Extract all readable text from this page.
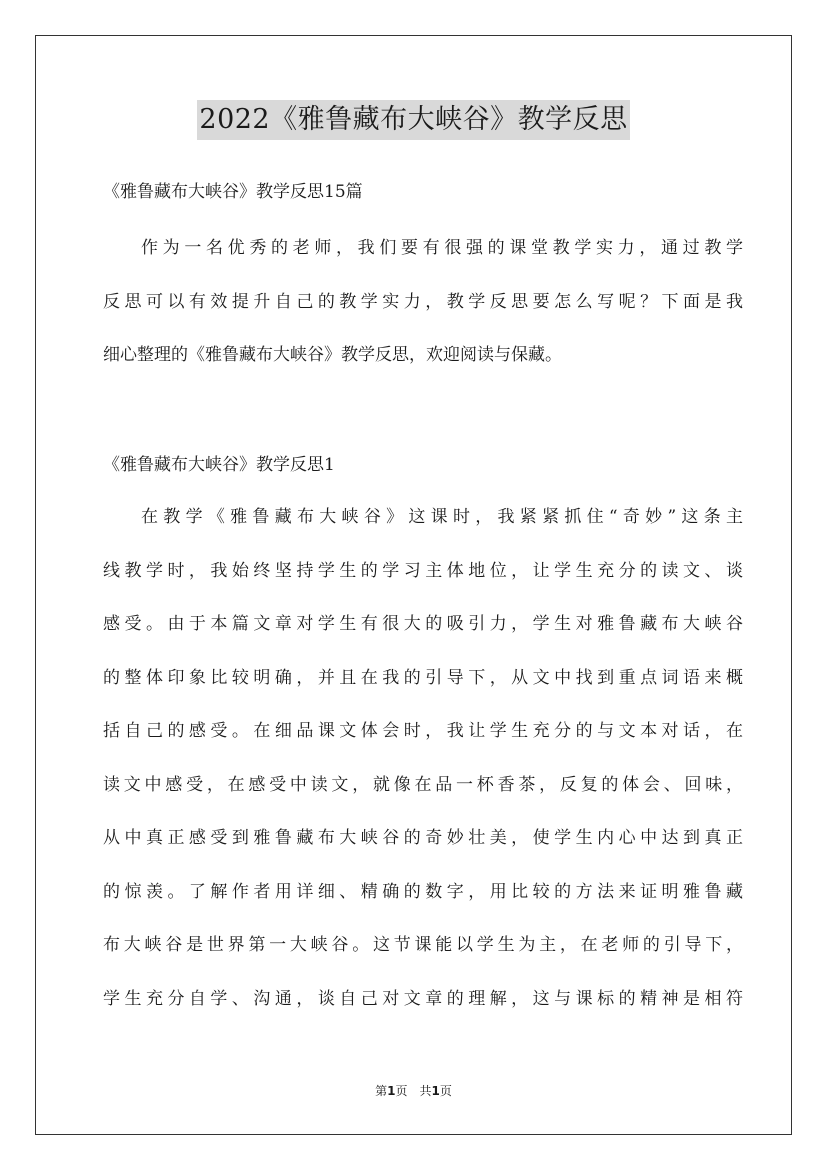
2022《雅鲁藏布大峡谷》教学反思
《雅鲁藏布大峡谷》教学反思15篇
作为一名优秀的老师，我们要有很强的课堂教学实力，通过教学
反思可以有效提升自己的教学实力，教学反思要怎么写呢？下面是我
细心整理的《雅鲁藏布大峡谷》教学反思，欢迎阅读与保藏。
《雅鲁藏布大峡谷》教学反思1
在教学《雅鲁藏布大峡谷》这课时，我紧紧抓住“奇妙”这条主
线教学时，我始终坚持学生的学习主体地位，让学生充分的读文、谈
感受。由于本篇文章对学生有很大的吸引力，学生对雅鲁藏布大峡谷
的整体印象比较明确，并且在我的引导下，从文中找到重点词语来概
括自己的感受。在细品课文体会时，我让学生充分的与文本对话，在
读文中感受，在感受中读文，就像在品一杯香茶，反复的体会、回味，
从中真正感受到雅鲁藏布大峡谷的奇妙壮美，使学生内心中达到真正
的惊羡。了解作者用详细、精确的数字，用比较的方法来证明雅鲁藏
布大峡谷是世界第一大峡谷。这节课能以学生为主，在老师的引导下，
学生充分自学、沟通，谈自己对文章的理解，这与课标的精神是相符
第1页　共1页
